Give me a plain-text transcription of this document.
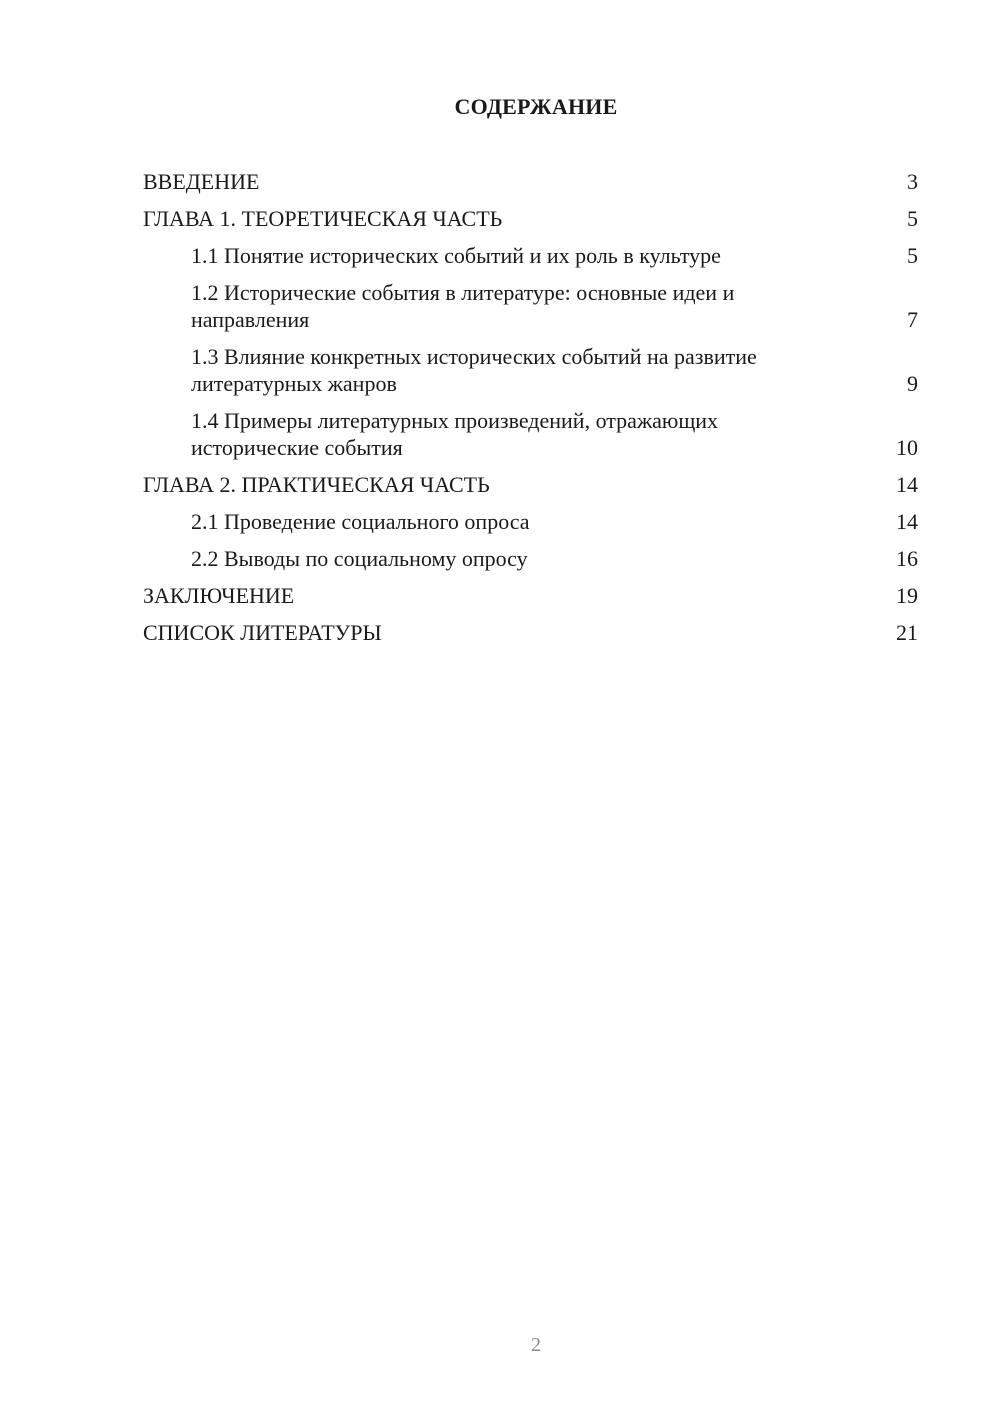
СОДЕРЖАНИЕ
ВВЕДЕНИЕ	3
ГЛАВА 1. ТЕОРЕТИЧЕСКАЯ ЧАСТЬ	5
1.1 Понятие исторических событий и их роль в культуре	5
1.2 Исторические события в литературе: основные идеи и направления	7
1.3 Влияние конкретных исторических событий на развитие литературных жанров	9
1.4 Примеры литературных произведений, отражающих исторические события	10
ГЛАВА 2. ПРАКТИЧЕСКАЯ ЧАСТЬ	14
2.1 Проведение социального опроса	14
2.2 Выводы по социальному опросу	16
ЗАКЛЮЧЕНИЕ	19
СПИСОК ЛИТЕРАТУРЫ	21
2
